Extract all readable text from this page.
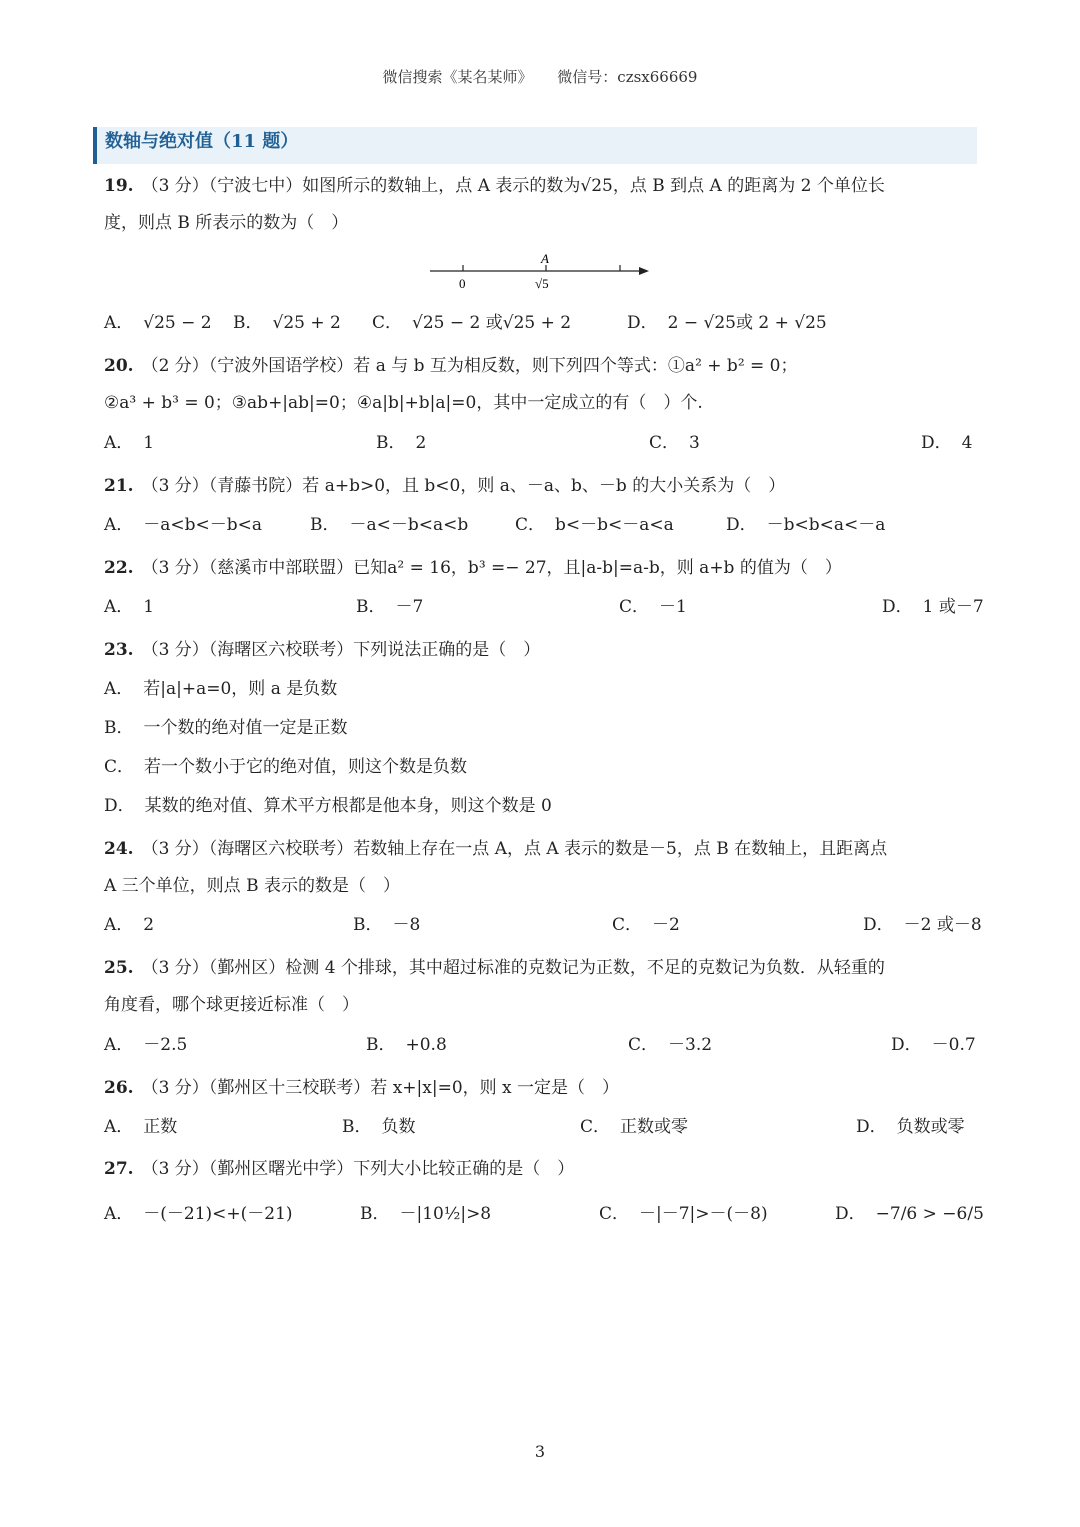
微信搜索《某名某师》 微信号：czsx66669
数轴与绝对值（11 题）
19. （3 分）（宁波七中）如图所示的数轴上，点 A 表示的数为√25，点 B 到点 A 的距离为 2 个单位长
度，则点 B 所表示的数为（　）
A
0	√5
A． √25 − 2 B． √25 + 2 C． √25 − 2 或√25 + 2	D． 2 − √25或 2 + √25
20. （2 分）（宁波外国语学校）若 a 与 b 互为相反数，则下列四个等式：①a² + b² = 0；
②a³ + b³ = 0；③ab+|ab|=0；④a|b|+b|a|=0，其中一定成立的有（　）个.
A． 1	B． 2	C． 3	D． 4
21. （3 分）（青藤书院）若 a+b>0，且 b<0，则 a、－a、b、－b 的大小关系为（　）
A． －a<b<－b<a	B． －a<－b<a<b	C． b<－b<－a<a	D． －b<b<a<－a
22. （3 分）（慈溪市中部联盟）已知a² = 16，b³ =− 27，且|a-b|=a-b，则 a+b 的值为（　）
A． 1	B． －7	C． －1	D． 1 或－7
23. （3 分）（海曙区六校联考）下列说法正确的是（　）
A． 若|a|+a=0，则 a 是负数
B． 一个数的绝对值一定是正数
C． 若一个数小于它的绝对值，则这个数是负数
D． 某数的绝对值、算术平方根都是他本身，则这个数是 0
24. （3 分）（海曙区六校联考）若数轴上存在一点 A，点 A 表示的数是－5，点 B 在数轴上，且距离点
A 三个单位，则点 B 表示的数是（　）
A． 2	B． －8	C． －2	D． －2 或－8
25. （3 分）（鄞州区）检测 4 个排球，其中超过标准的克数记为正数，不足的克数记为负数．从轻重的
角度看，哪个球更接近标准（　）
A． －2.5	B． +0.8	C． －3.2	D． －0.7
26. （3 分）（鄞州区十三校联考）若 x+|x|=0，则 x 一定是（　）
A． 正数	B． 负数	C． 正数或零	D． 负数或零
27. （3 分）（鄞州区曙光中学）下列大小比较正确的是（　）
A． －(－21)<+(－21)	B． －|10½|>8	C． －|－7|>－(－8)	D． −7/6 > −6/5
3
